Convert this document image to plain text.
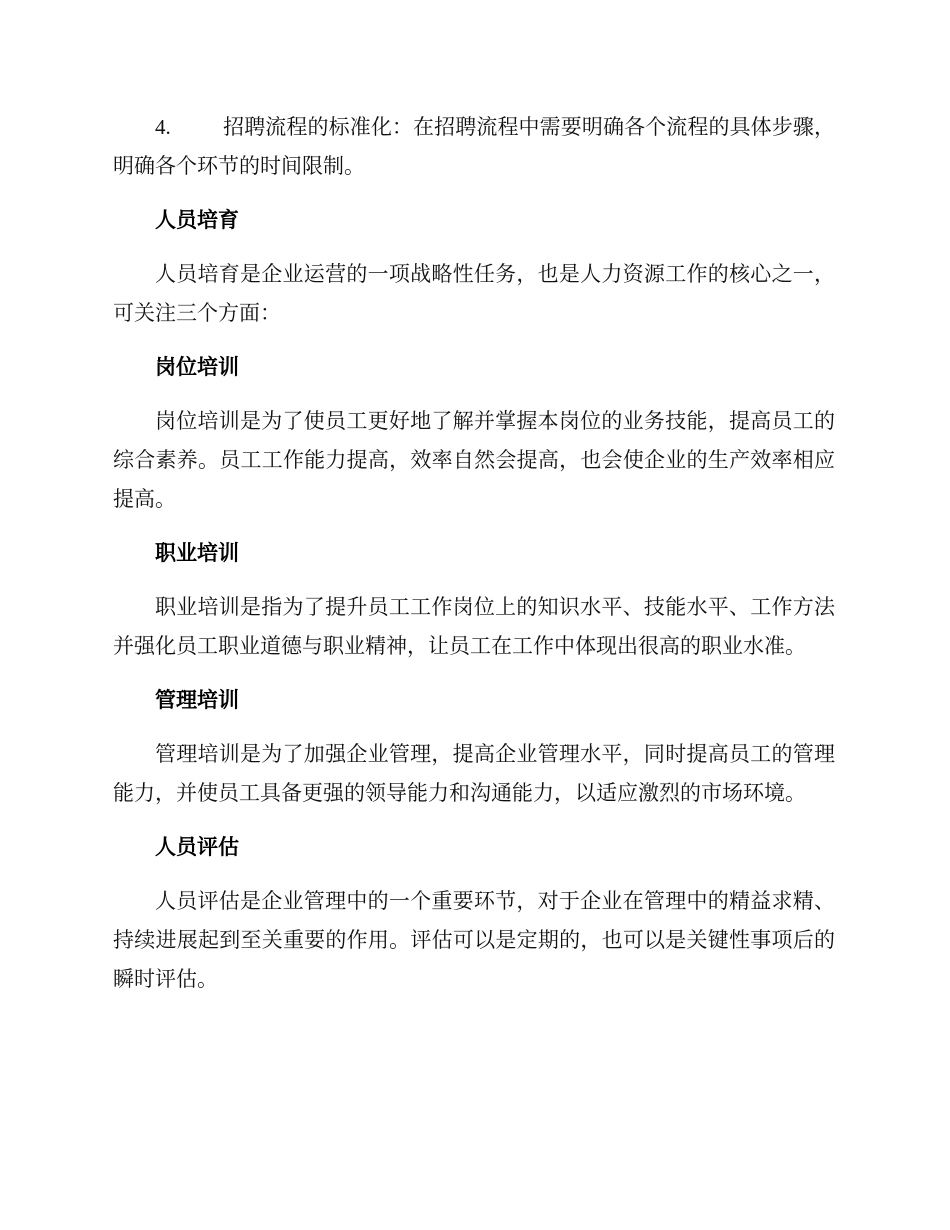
4. 招聘流程的标准化：在招聘流程中需要明确各个流程的具体步骤，明确各个环节的时间限制。

人员培育

人员培育是企业运营的一项战略性任务，也是人力资源工作的核心之一，可关注三个方面：

岗位培训

岗位培训是为了使员工更好地了解并掌握本岗位的业务技能，提高员工的综合素养。员工工作能力提高，效率自然会提高，也会使企业的生产效率相应提高。

职业培训

职业培训是指为了提升员工工作岗位上的知识水平、技能水平、工作方法并强化员工职业道德与职业精神，让员工在工作中体现出很高的职业水准。

管理培训

管理培训是为了加强企业管理，提高企业管理水平，同时提高员工的管理能力，并使员工具备更强的领导能力和沟通能力，以适应激烈的市场环境。

人员评估

人员评估是企业管理中的一个重要环节，对于企业在管理中的精益求精、持续进展起到至关重要的作用。评估可以是定期的，也可以是关键性事项后的瞬时评估。
